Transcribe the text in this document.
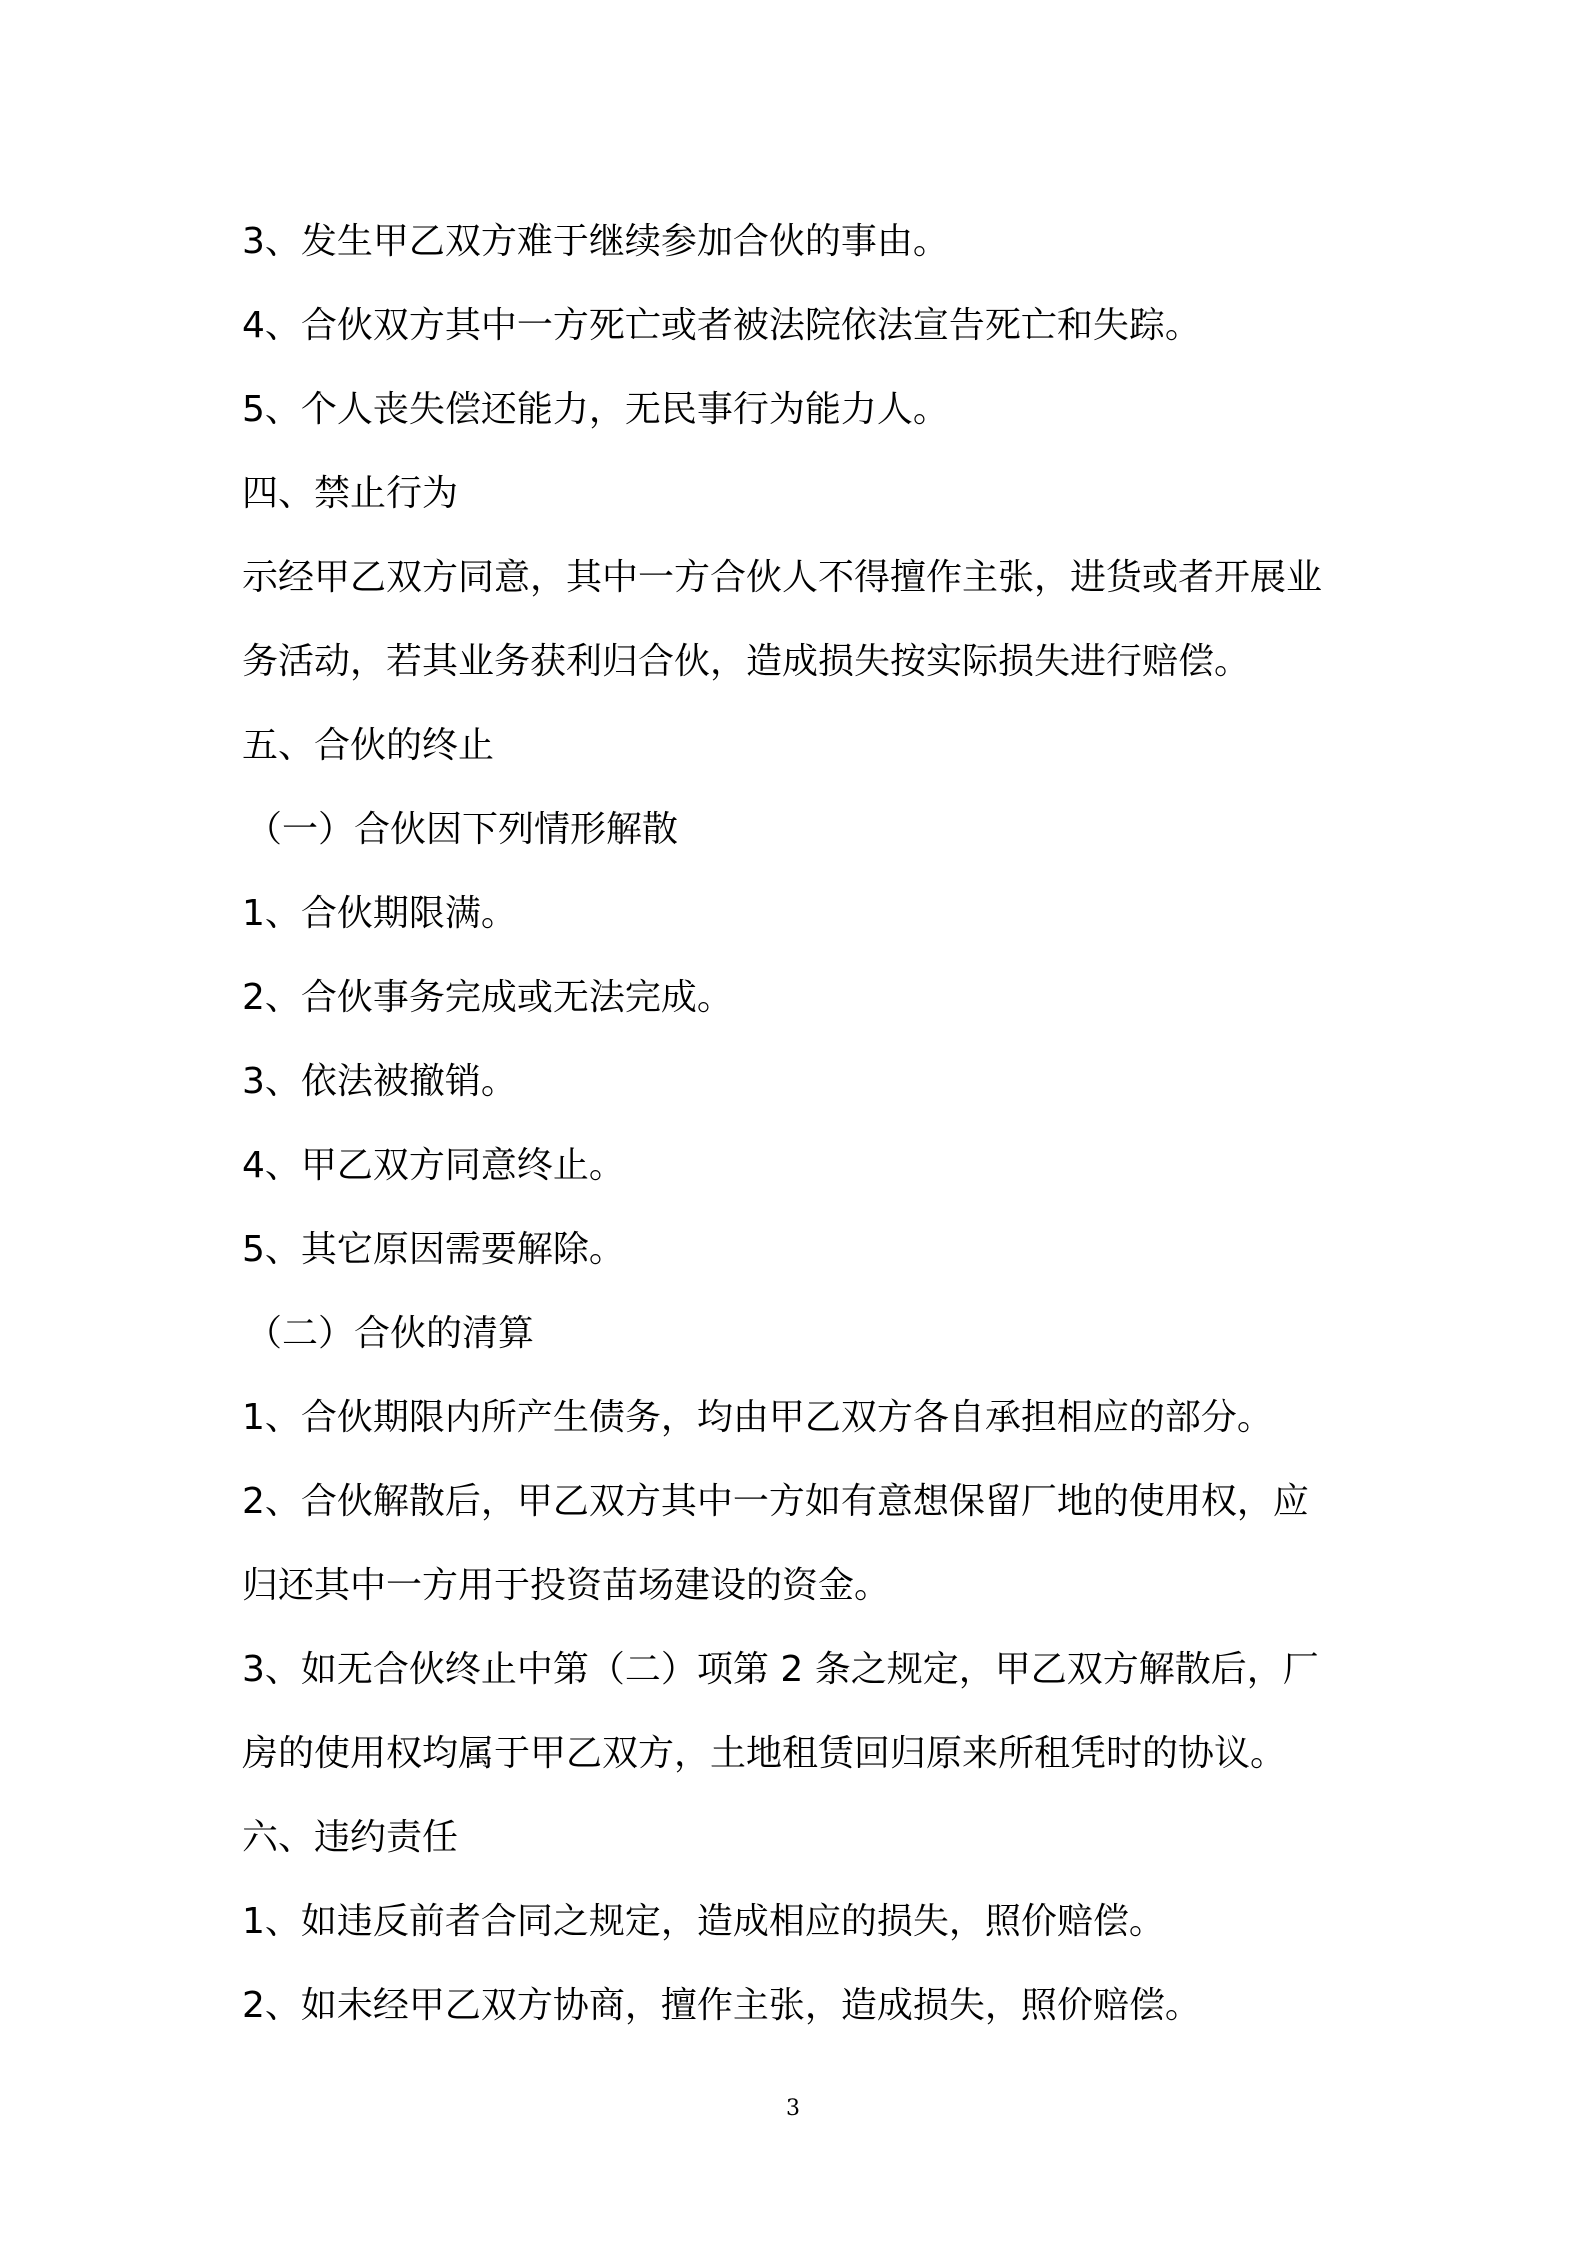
3、发生甲乙双方难于继续参加合伙的事由。
4、合伙双方其中一方死亡或者被法院依法宣告死亡和失踪。
5、个人丧失偿还能力，无民事行为能力人。
四、禁止行为
示经甲乙双方同意，其中一方合伙人不得擅作主张，进货或者开展业
务活动，若其业务获利归合伙，造成损失按实际损失进行赔偿。
五、合伙的终止
（一）合伙因下列情形解散
1、合伙期限满。
2、合伙事务完成或无法完成。
3、依法被撤销。
4、甲乙双方同意终止。
5、其它原因需要解除。
（二）合伙的清算
1、合伙期限内所产生债务，均由甲乙双方各自承担相应的部分。
2、合伙解散后，甲乙双方其中一方如有意想保留厂地的使用权，应
归还其中一方用于投资苗场建设的资金。
3、如无合伙终止中第（二）项第 2 条之规定，甲乙双方解散后，厂
房的使用权均属于甲乙双方，土地租赁回归原来所租凭时的协议。
六、违约责任
1、如违反前者合同之规定，造成相应的损失，照价赔偿。
2、如未经甲乙双方协商，擅作主张，造成损失，照价赔偿。
3
